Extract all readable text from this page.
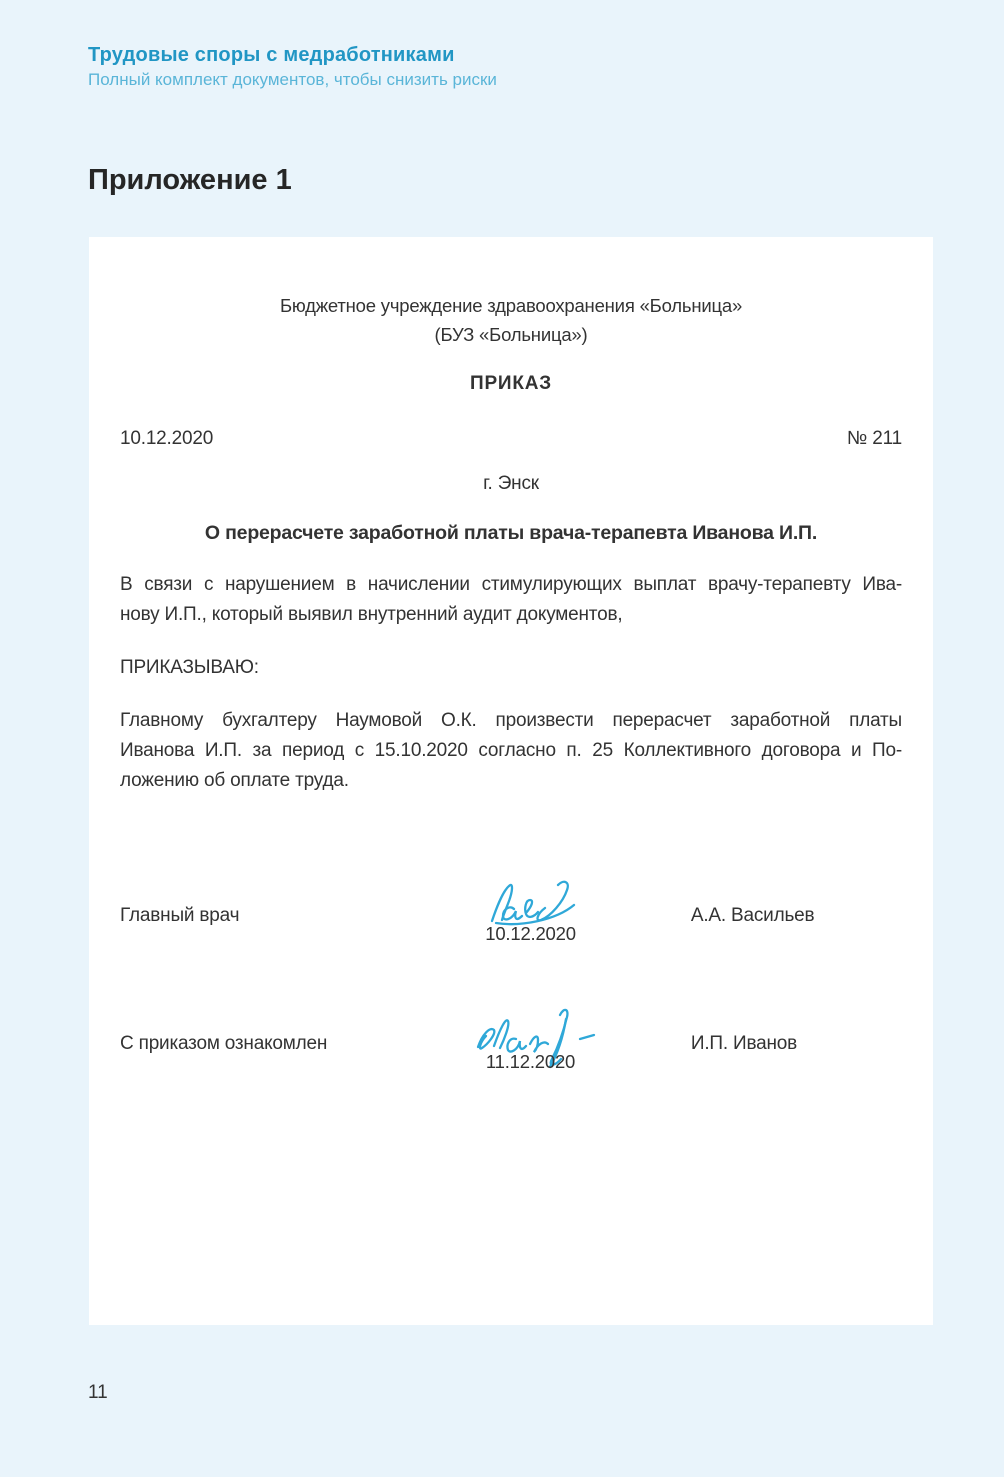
Трудовые споры с медработниками
Полный комплект документов, чтобы снизить риски
Приложение 1
Бюджетное учреждение здравоохранения «Больница»
(БУЗ «Больница»)
ПРИКАЗ
10.12.2020	№ 211
г. Энск
О перерасчете заработной платы врача-терапевта Иванова И.П.
В связи с нарушением в начислении стимулирующих выплат врачу-терапевту Ива-
нову И.П., который выявил внутренний аудит документов,
ПРИКАЗЫВАЮ:
Главному бухгалтеру Наумовой О.К. произвести перерасчет заработной платы
Иванова И.П. за период с 15.10.2020 согласно п. 25 Коллективного договора и По-
ложению об оплате труда.
Главный врач
10.12.2020
А.А. Васильев
С приказом ознакомлен
11.12.2020
И.П. Иванов
11
